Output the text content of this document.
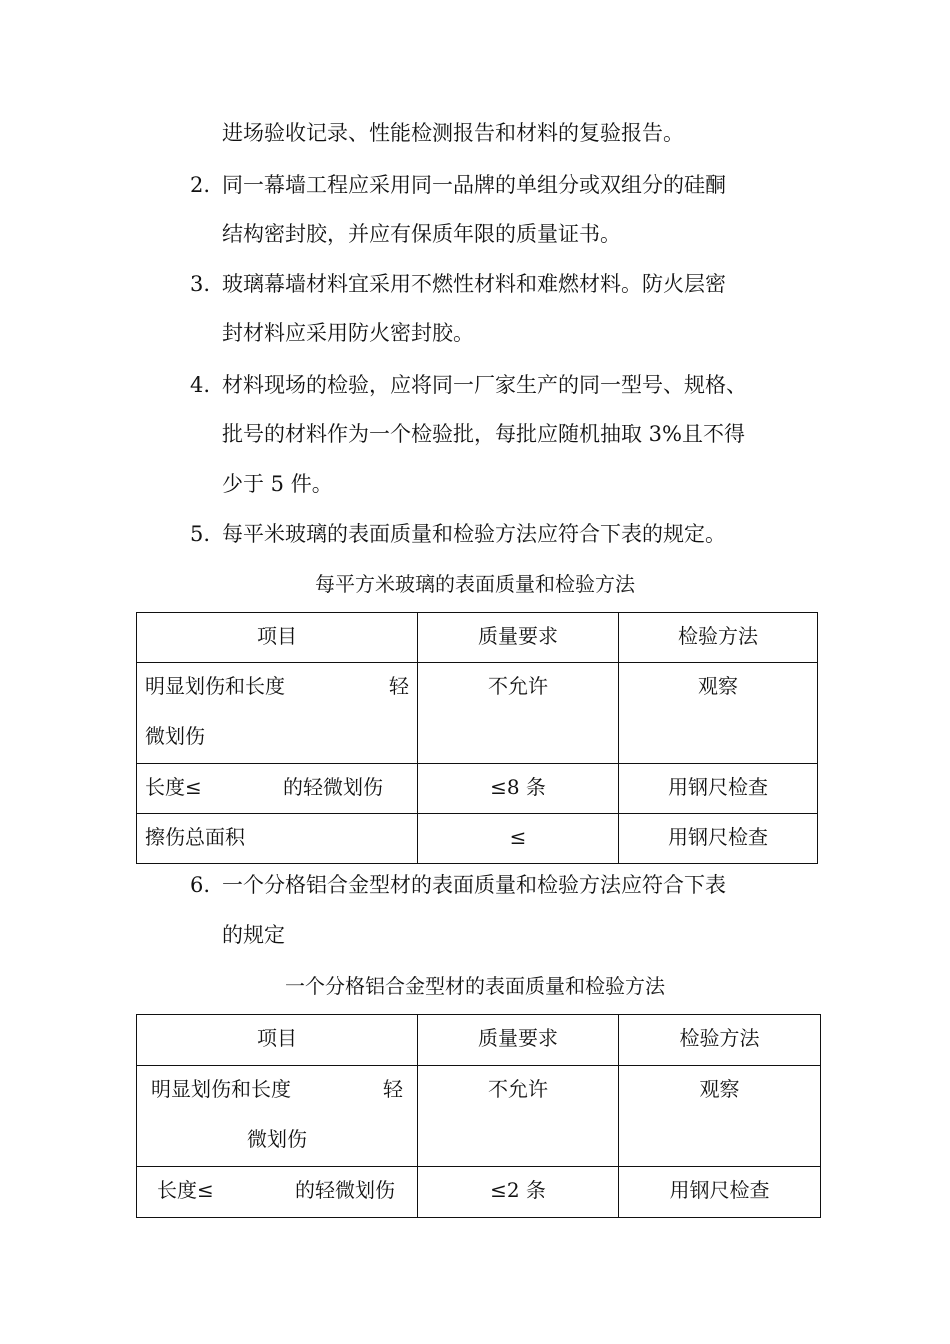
进场验收记录、性能检测报告和材料的复验报告。
2. 同一幕墙工程应采用同一品牌的单组分或双组分的硅酮
结构密封胶，并应有保质年限的质量证书。
3. 玻璃幕墙材料宜采用不燃性材料和难燃材料。防火层密
封材料应采用防火密封胶。
4. 材料现场的检验，应将同一厂家生产的同一型号、规格、
批号的材料作为一个检验批，每批应随机抽取 3%且不得
少于 5 件。
5. 每平米玻璃的表面质量和检验方法应符合下表的规定。
每平方米玻璃的表面质量和检验方法
项目	质量要求	检验方法

明显划伤和长度 轻
微划伤	不允许	观察

长度≤ 的轻微划伤	≤8 条	用钢尺检查

擦伤总面积	≤	用钢尺检查
6. 一个分格铝合金型材的表面质量和检验方法应符合下表
的规定
一个分格铝合金型材的表面质量和检验方法
项目	质量要求	检验方法

明显划伤和长度 轻
微划伤	不允许	观察

长度≤ 的轻微划伤	≤2 条	用钢尺检查
